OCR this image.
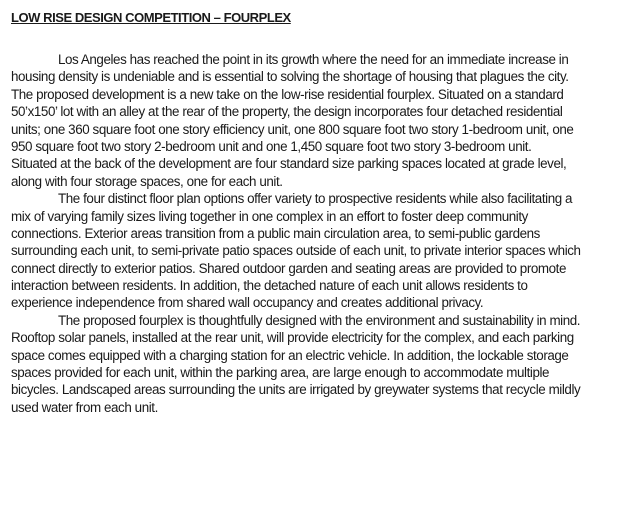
LOW RISE DESIGN COMPETITION – FOURPLEX
Los Angeles has reached the point in its growth where the need for an immediate increase in
housing density is undeniable and is essential to solving the shortage of housing that plagues the city.
The proposed development is a new take on the low-rise residential fourplex. Situated on a standard
50’x150’ lot with an alley at the rear of the property, the design incorporates four detached residential
units; one 360 square foot one story efficiency unit, one 800 square foot two story 1-bedroom unit, one
950 square foot two story 2-bedroom unit and one 1,450 square foot two story 3-bedroom unit.
Situated at the back of the development are four standard size parking spaces located at grade level,
along with four storage spaces, one for each unit.
The four distinct floor plan options offer variety to prospective residents while also facilitating a
mix of varying family sizes living together in one complex in an effort to foster deep community
connections. Exterior areas transition from a public main circulation area, to semi-public gardens
surrounding each unit, to semi-private patio spaces outside of each unit, to private interior spaces which
connect directly to exterior patios. Shared outdoor garden and seating areas are provided to promote
interaction between residents. In addition, the detached nature of each unit allows residents to
experience independence from shared wall occupancy and creates additional privacy.
The proposed fourplex is thoughtfully designed with the environment and sustainability in mind.
Rooftop solar panels, installed at the rear unit, will provide electricity for the complex, and each parking
space comes equipped with a charging station for an electric vehicle. In addition, the lockable storage
spaces provided for each unit, within the parking area, are large enough to accommodate multiple
bicycles. Landscaped areas surrounding the units are irrigated by greywater systems that recycle mildly
used water from each unit.
